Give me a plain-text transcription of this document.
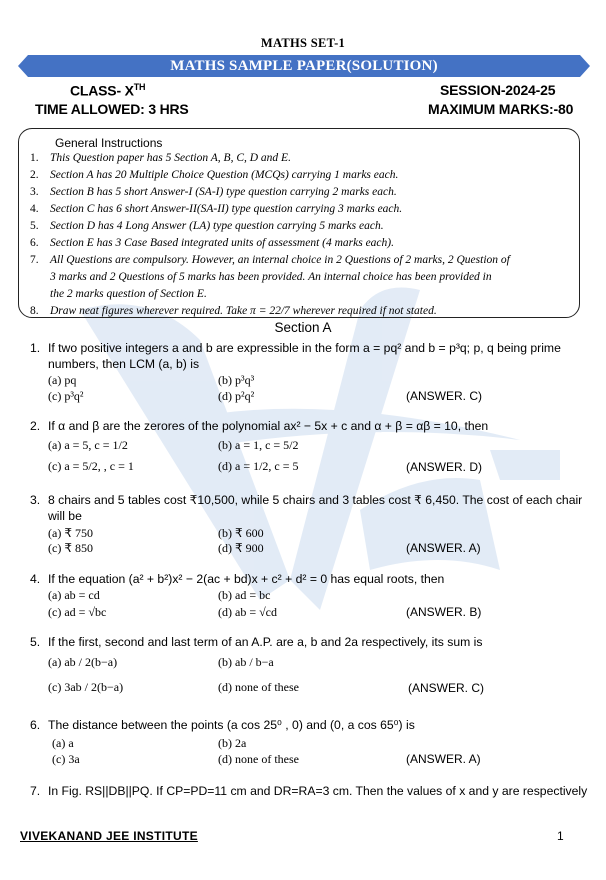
MATHS SET-1
MATHS SAMPLE PAPER(SOLUTION)
CLASS- XTH	SESSION-2024-25
TIME ALLOWED: 3 HRS	MAXIMUM MARKS:-80
General Instructions
1. This Question paper has 5 Section A, B, C, D and E.
2. Section A has 20 Multiple Choice Question (MCQs) carrying 1 marks each.
3. Section B has 5 short Answer-I (SA-I) type question carrying 2 marks each.
4. Section C has 6 short Answer-II(SA-II) type question carrying 3 marks each.
5. Section D has 4 Long Answer (LA) type question carrying 5 marks each.
6. Section E has 3 Case Based integrated units of assessment (4 marks each).
7. All Questions are compulsory. However, an internal choice in 2 Questions of 2 marks, 2 Question of
3 marks and 2 Questions of 5 marks has been provided. An internal choice has been provided in
the 2 marks question of Section E.
8. Draw neat figures wherever required. Take π = 22/7 wherever required if not stated.
Section A
1. If two positive integers a and b are expressible in the form a = pq² and b = p³q; p, q being prime
numbers, then LCM (a, b) is
(a) pq	(b) p³q³
(c) p³q²	(d) p²q²	(ANSWER. C)
2. If α and β are the zerores of the polynomial ax² − 5x + c and α + β = αβ = 10, then
(a) a = 5, c = 1/2	(b) a = 1, c = 5/2
(c) a = 5/2, , c = 1	(d) a = 1/2, c = 5	(ANSWER. D)
3. 8 chairs and 5 tables cost ₹10,500, while 5 chairs and 3 tables cost ₹ 6,450. The cost of each chair
will be
(a) ₹ 750	(b) ₹ 600
(c) ₹ 850	(d) ₹ 900	(ANSWER. A)
4. If the equation (a² + b²)x² − 2(ac + bd)x + c² + d² = 0 has equal roots, then
(a) ab = cd	(b) ad = bc
(c) ad = √bc	(d) ab = √cd	(ANSWER. B)
5. If the first, second and last term of an A.P. are a, b and 2a respectively, its sum is
(a) ab / 2(b−a)	(b) ab / b−a
(c) 3ab / 2(b−a)	(d) none of these	(ANSWER. C)
6. The distance between the points (a cos 25⁰ , 0) and (0, a cos 65⁰) is
(a) a	(b) 2a
(c) 3a	(d) none of these	(ANSWER. A)
7. In Fig. RS||DB||PQ. If CP=PD=11 cm and DR=RA=3 cm. Then the values of x and y are respectively
VIVEKANAND JEE INSTITUTE	1
